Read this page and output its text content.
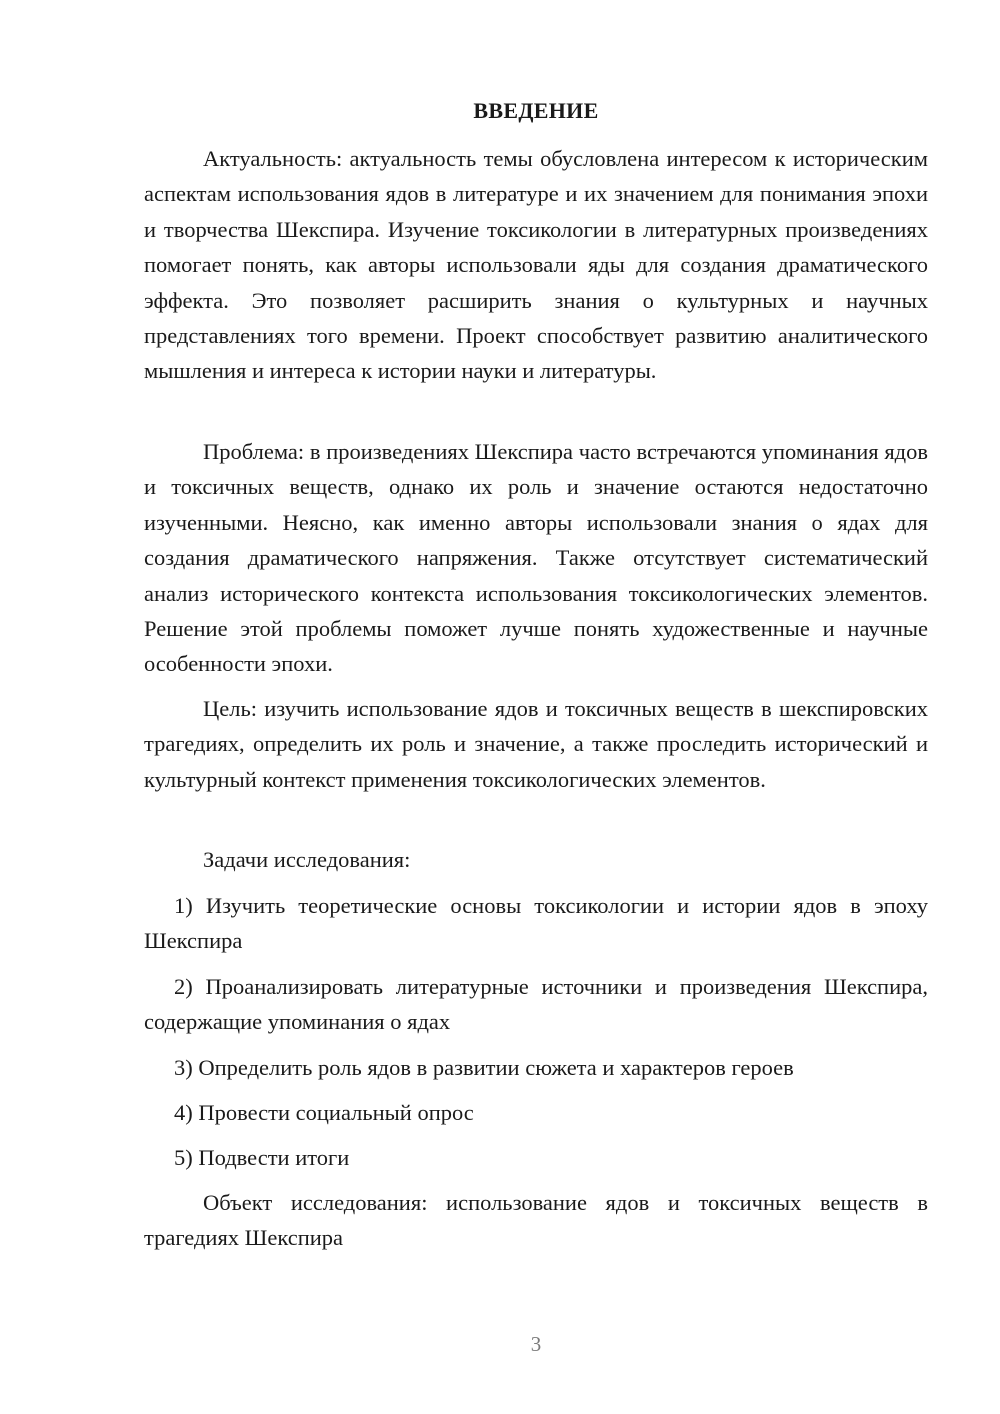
ВВЕДЕНИЕ

Актуальность: актуальность темы обусловлена интересом к историческим аспектам использования ядов в литературе и их значением для понимания эпохи и творчества Шекспира. Изучение токсикологии в литературных произведениях помогает понять, как авторы использовали яды для создания драматического эффекта. Это позволяет расширить знания о культурных и научных представлениях того времени. Проект способствует развитию аналитического мышления и интереса к истории науки и литературы.

Проблема: в произведениях Шекспира часто встречаются упоминания ядов и токсичных веществ, однако их роль и значение остаются недостаточно изученными. Неясно, как именно авторы использовали знания о ядах для создания драматического напряжения. Также отсутствует систематический анализ исторического контекста использования токсикологических элементов. Решение этой проблемы поможет лучше понять художественные и научные особенности эпохи.

Цель: изучить использование ядов и токсичных веществ в шекспировских трагедиях, определить их роль и значение, а также проследить исторический и культурный контекст применения токсикологических элементов.

Задачи исследования:

1) Изучить теоретические основы токсикологии и истории ядов в эпоху Шекспира

2) Проанализировать литературные источники и произведения Шекспира, содержащие упоминания о ядах

3) Определить роль ядов в развитии сюжета и характеров героев

4) Провести социальный опрос

5) Подвести итоги

Объект исследования: использование ядов и токсичных веществ в трагедиях Шекспира

3
